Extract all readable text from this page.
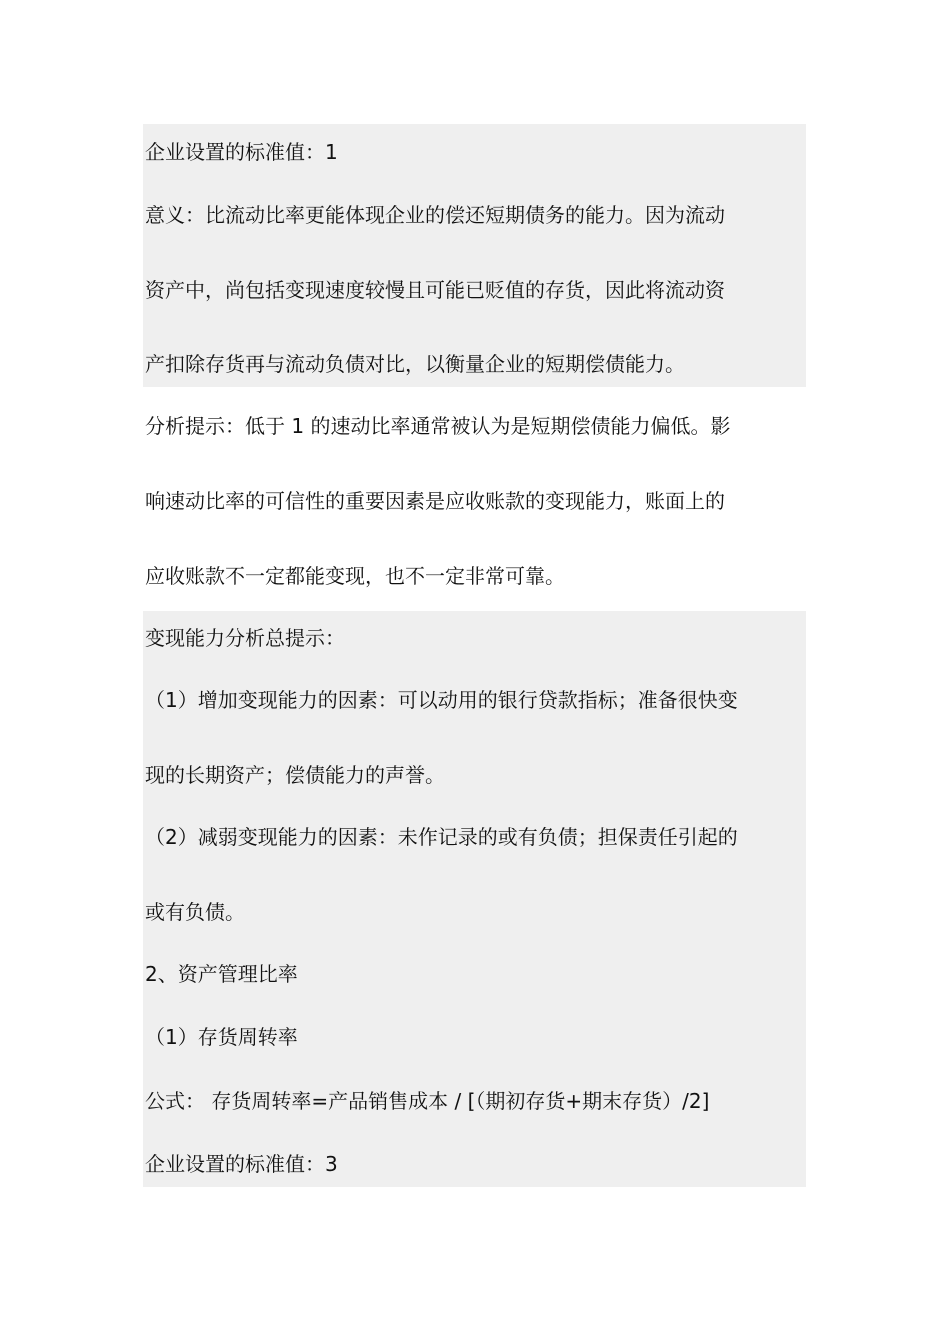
企业设置的标准值：1
意义：比流动比率更能体现企业的偿还短期债务的能力。因为流动
资产中，尚包括变现速度较慢且可能已贬值的存货，因此将流动资
产扣除存货再与流动负债对比，以衡量企业的短期偿债能力。
分析提示：低于 1 的速动比率通常被认为是短期偿债能力偏低。影
响速动比率的可信性的重要因素是应收账款的变现能力，账面上的
应收账款不一定都能变现，也不一定非常可靠。
变现能力分析总提示：
（1）增加变现能力的因素：可以动用的银行贷款指标；准备很快变
现的长期资产；偿债能力的声誉。
（2）减弱变现能力的因素：未作记录的或有负债；担保责任引起的
或有负债。
2、资产管理比率
（1）存货周转率
公式： 存货周转率=产品销售成本 / [（期初存货+期末存货）/2]
企业设置的标准值：3
